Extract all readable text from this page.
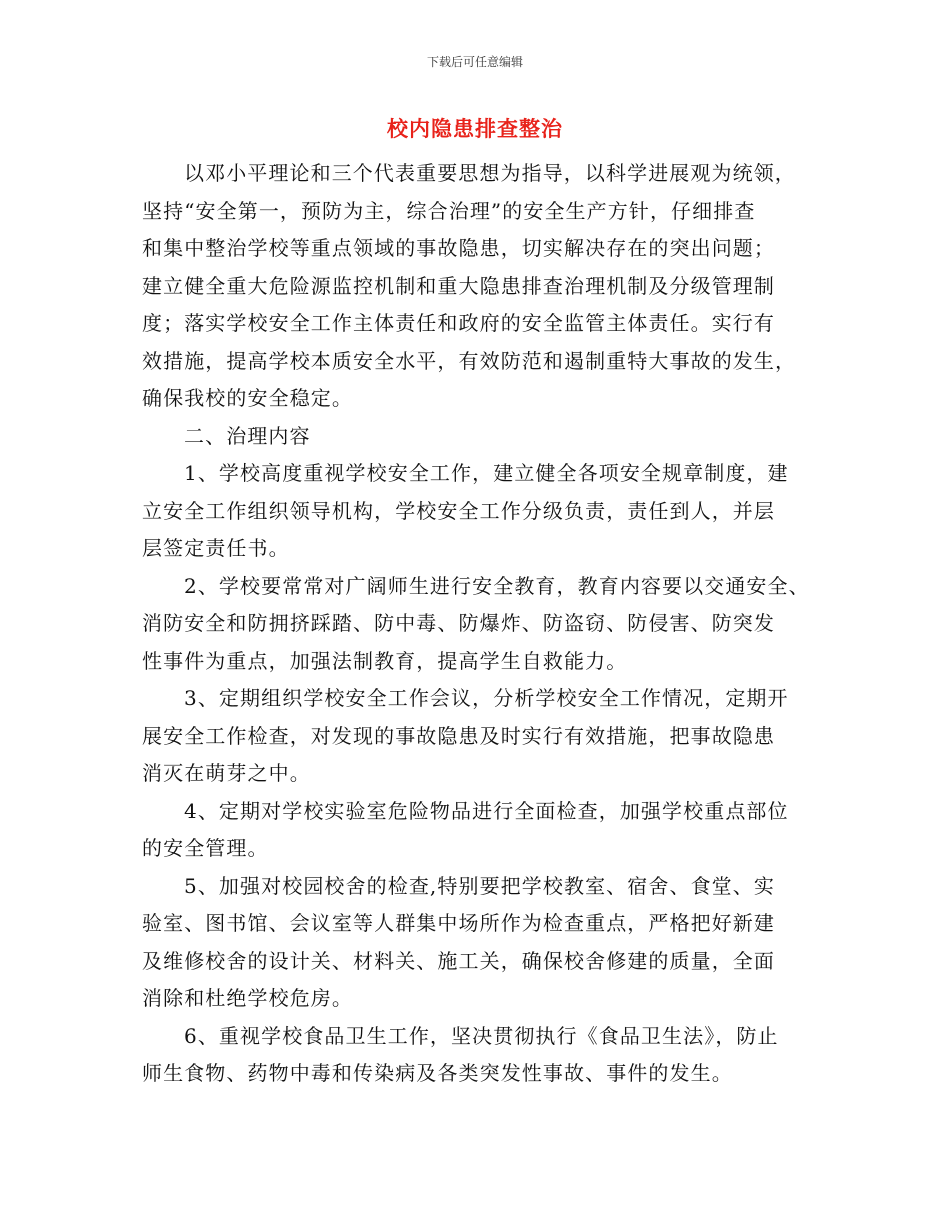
下载后可任意编辑
校内隐患排查整治
以邓小平理论和三个代表重要思想为指导，以科学进展观为统领，
坚持“安全第一，预防为主，综合治理”的安全生产方针，仔细排查
和集中整治学校等重点领域的事故隐患，切实解决存在的突出问题；
建立健全重大危险源监控机制和重大隐患排查治理机制及分级管理制
度；落实学校安全工作主体责任和政府的安全监管主体责任。实行有
效措施，提高学校本质安全水平，有效防范和遏制重特大事故的发生，
确保我校的安全稳定。
二、治理内容
1、学校高度重视学校安全工作，建立健全各项安全规章制度，建
立安全工作组织领导机构，学校安全工作分级负责，责任到人，并层
层签定责任书。
2、学校要常常对广阔师生进行安全教育，教育内容要以交通安全、
消防安全和防拥挤踩踏、防中毒、防爆炸、防盗窃、防侵害、防突发
性事件为重点，加强法制教育，提高学生自救能力。
3、定期组织学校安全工作会议，分析学校安全工作情况，定期开
展安全工作检查，对发现的事故隐患及时实行有效措施，把事故隐患
消灭在萌芽之中。
4、定期对学校实验室危险物品进行全面检查，加强学校重点部位
的安全管理。
5、加强对校园校舍的检查,特别要把学校教室、宿舍、食堂、实
验室、图书馆、会议室等人群集中场所作为检查重点，严格把好新建
及维修校舍的设计关、材料关、施工关，确保校舍修建的质量，全面
消除和杜绝学校危房。
6、重视学校食品卫生工作，坚决贯彻执行《食品卫生法》，防止
师生食物、药物中毒和传染病及各类突发性事故、事件的发生。
